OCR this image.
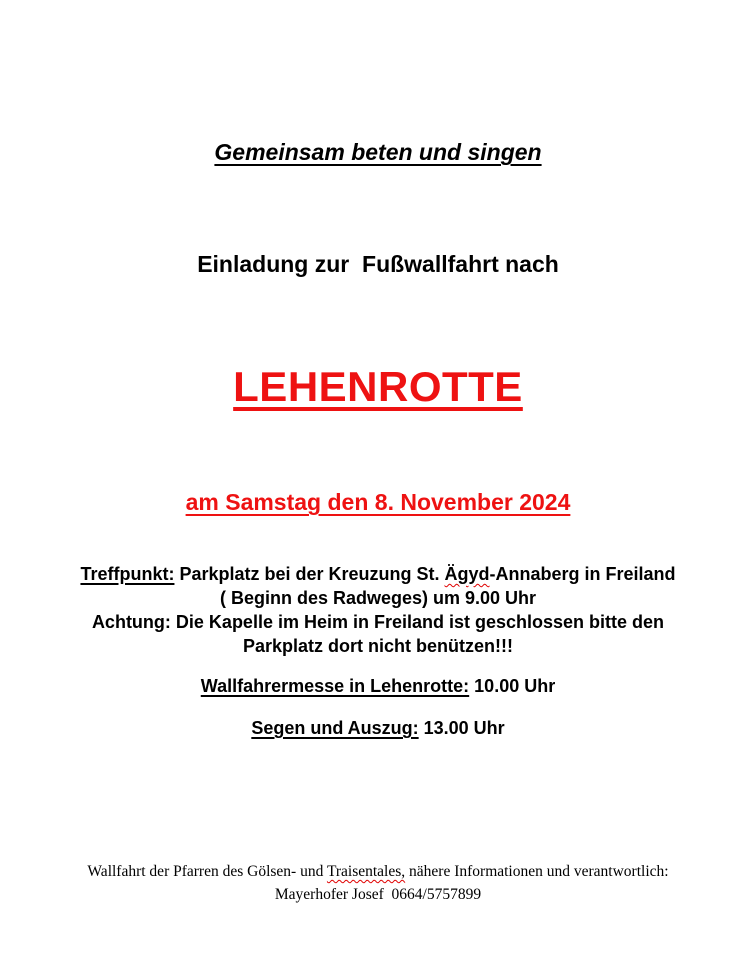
Gemeinsam beten und singen

Einladung zur  Fußwallfahrt nach

LEHENROTTE

am Samstag den 8. November 2024

Treffpunkt: Parkplatz bei der Kreuzung St. Ägyd-Annaberg in Freiland

( Beginn des Radweges) um 9.00 Uhr

Achtung: Die Kapelle im Heim in Freiland ist geschlossen bitte den

Parkplatz dort nicht benützen!!!

Wallfahrermesse in Lehenrotte: 10.00 Uhr

Segen und Auszug: 13.00 Uhr

Wallfahrt der Pfarren des Gölsen- und Traisentales, nähere Informationen und verantwortlich:

Mayerhofer Josef  0664/5757899
